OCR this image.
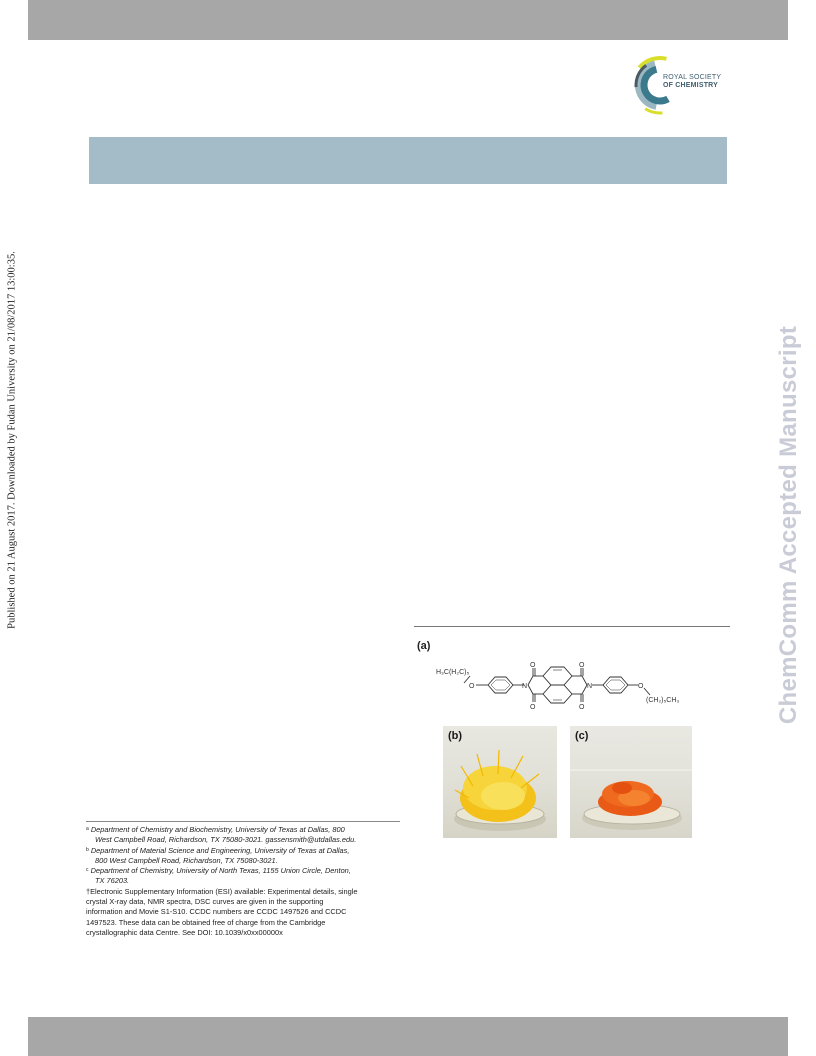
ROYAL SOCIETY
OF CHEMISTRY
Published on 21 August 2017. Downloaded by Fudan University on 21/08/2017 13:00:35.	ChemComm Accepted Manuscript
(a)
H₃C(H₂C)₅
O	N
O
O
O
O
N	O
(CH₂)₅CH₃
(b)	(c)

$^a$ Department of Chemistry and Biochemistry, University of Texas at Dallas, 800
West Campbell Road, Richardson, TX 75080-3021. gassensmith@utdallas.edu.

$^b$ Department of Material Science and Engineering, University of Texas at Dallas,
800 West Campbell Road, Richardson, TX 75080-3021.

$^c$ Department of Chemistry, University of North Texas, 1155 Union Circle, Denton,
TX 76203.

†Electronic Supplementary Information (ESI) available: Experimental details, single
crystal X-ray data, NMR spectra, DSC curves are given in the supporting
information and Movie S1-S10. CCDC numbers are CCDC 1497526 and CCDC
1497523. These data can be obtained free of charge from the Cambridge
crystallographic data Centre. See DOI: 10.1039/x0xx00000x
